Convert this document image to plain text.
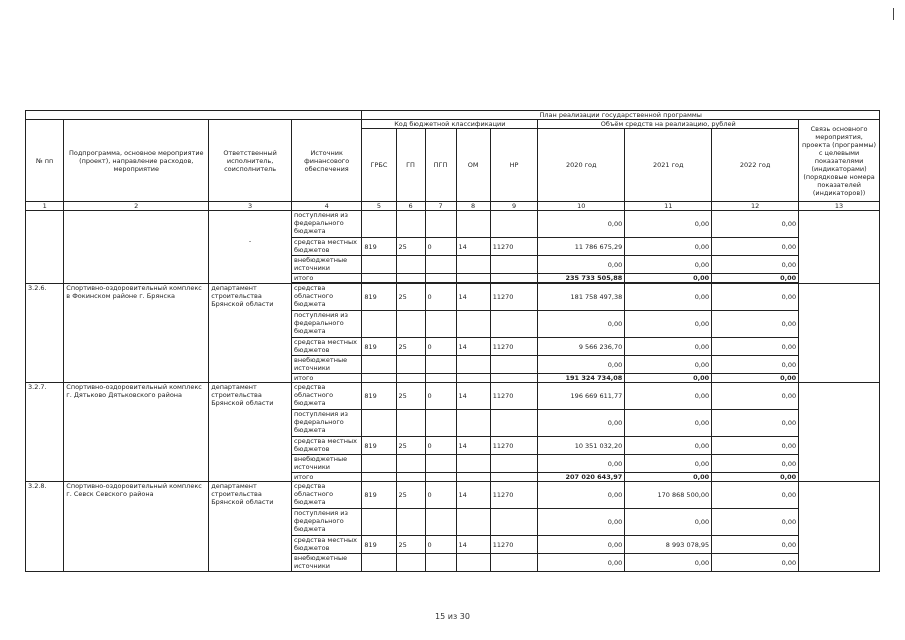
				План реализации государственной программы								
№ пп	Подпрограмма, основное мероприятие (проект), направление расходов, мероприятие	Ответственный исполнитель, соисполнитель	Источник финансового обеспечения	Код бюджетной классификации					Объём средств на реализацию, рублей			Связь основного мероприятия, проекта (программы) с целевыми показателями (индикаторами) (порядковые номера показателей (индикаторов))
				ГРБС	ГП	ПГП	ОМ	НР	2020 год	2021 год	2022 год	
1	2	3	4	5	6	7	8	9	10	11	12	13

		-	поступления из федерального бюджета						0,00	0,00	0,00	
			средства местных бюджетов	819	25	0	14	11270	11 786 675,29	0,00	0,00	
			внебюджетные источники						0,00	0,00	0,00	
			итого						235 733 505,88	0,00	0,00	

3.2.6.	Спортивно-оздоровительный комплекс в Фокинском районе г. Брянска	департамент строительства Брянской области	средства областного бюджета	819	25	0	14	11270	181 758 497,38	0,00	0,00	
			поступления из федерального бюджета						0,00	0,00	0,00	
			средства местных бюджетов	819	25	0	14	11270	9 566 236,70	0,00	0,00	
			внебюджетные источники						0,00	0,00	0,00	
			итого						191 324 734,08	0,00	0,00	
3.2.7.	Спортивно-оздоровительный комплекс г. Дятьково Дятьковского района	департамент строительства Брянской области	средства областного бюджета	819	25	0	14	11270	196 669 611,77	0,00	0,00	
			поступления из федерального бюджета						0,00	0,00	0,00	
			средства местных бюджетов	819	25	0	14	11270	10 351 032,20	0,00	0,00	
			внебюджетные источники						0,00	0,00	0,00	
			итого						207 020 643,97	0,00	0,00	
3.2.8.	Спортивно-оздоровительный комплекс г. Севск Севского района	департамент строительства Брянской области	средства областного бюджета	819	25	0	14	11270	0,00	170 868 500,00	0,00	
			поступления из федерального бюджета						0,00	0,00	0,00	
			средства местных бюджетов	819	25	0	14	11270	0,00	8 993 078,95	0,00	
			внебюджетные источники						0,00	0,00	0,00	
15 из 30
